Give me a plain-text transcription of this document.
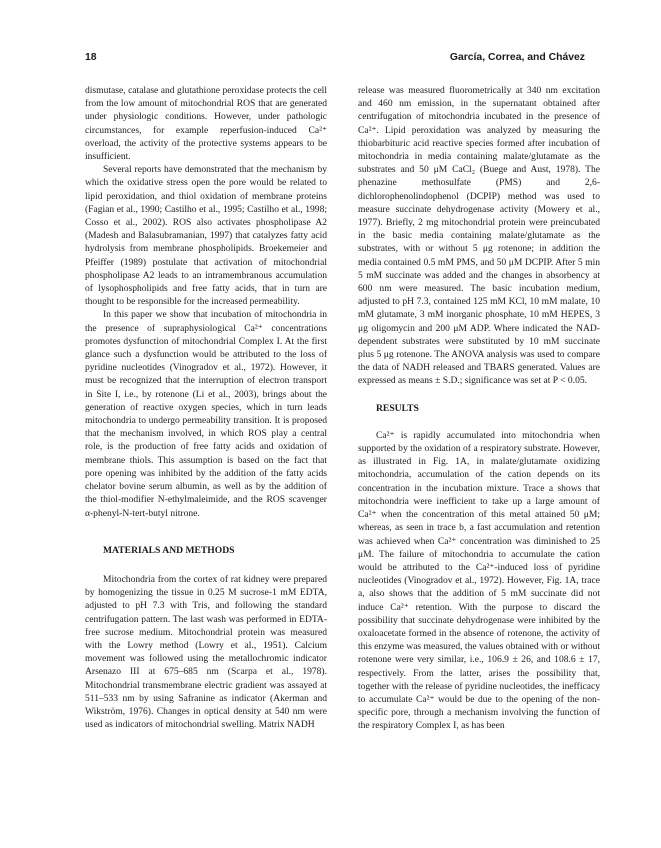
18	García, Correa, and Chávez

dismutase, catalase and glutathione peroxidase protects the cell from the low amount of mitochondrial ROS that are generated under physiologic conditions. However, under pathologic circumstances, for example reperfusion-induced Ca²⁺ overload, the activity of the protective systems appears to be insufficient.

Several reports have demonstrated that the mechanism by which the oxidative stress open the pore would be related to lipid peroxidation, and thiol oxidation of membrane proteins (Fagian et al., 1990; Castilho et al., 1995; Castilho et al., 1998; Cosso et al., 2002). ROS also activates phospholipase A2 (Madesh and Balasubramanian, 1997) that catalyzes fatty acid hydrolysis from membrane phospholipids. Broekemeier and Pfeiffer (1989) postulate that activation of mitochondrial phospholipase A2 leads to an intramembranous accumulation of lysophospholipids and free fatty acids, that in turn are thought to be responsible for the increased permeability.

In this paper we show that incubation of mitochondria in the presence of supraphysiological Ca²⁺ concentrations promotes dysfunction of mitochondrial Complex I. At the first glance such a dysfunction would be attributed to the loss of pyridine nucleotides (Vinogradov et al., 1972). However, it must be recognized that the interruption of electron transport in Site I, i.e., by rotenone (Li et al., 2003), brings about the generation of reactive oxygen species, which in turn leads mitochondria to undergo permeability transition. It is proposed that the mechanism involved, in which ROS play a central role, is the production of free fatty acids and oxidation of membrane thiols. This assumption is based on the fact that pore opening was inhibited by the addition of the fatty acids chelator bovine serum albumin, as well as by the addition of the thiol-modifier N-ethylmaleimide, and the ROS scavenger α-phenyl-N-tert-butyl nitrone.

MATERIALS AND METHODS

Mitochondria from the cortex of rat kidney were prepared by homogenizing the tissue in 0.25 M sucrose-1 mM EDTA, adjusted to pH 7.3 with Tris, and following the standard centrifugation pattern. The last wash was performed in EDTA-free sucrose medium. Mitochondrial protein was measured with the Lowry method (Lowry et al., 1951). Calcium movement was followed using the metallochromic indicator Arsenazo III at 675–685 nm (Scarpa et al., 1978). Mitochondrial transmembrane electric gradient was assayed at 511–533 nm by using Safranine as indicator (Akerman and Wikström, 1976). Changes in optical density at 540 nm were used as indicators of mitochondrial swelling. Matrix NADH

release was measured fluorometrically at 340 nm excitation and 460 nm emission, in the supernatant obtained after centrifugation of mitochondria incubated in the presence of Ca²⁺. Lipid peroxidation was analyzed by measuring the thiobarbituric acid reactive species formed after incubation of mitochondria in media containing malate/glutamate as the substrates and 50 μM CaCl₂ (Buege and Aust, 1978). The phenazine methosulfate (PMS) and 2,6-dichlorophenolindophenol (DCPIP) method was used to measure succinate dehydrogenase activity (Mowery et al., 1977). Briefly, 2 mg mitochondrial protein were preincubated in the basic media containing malate/glutamate as the substrates, with or without 5 μg rotenone; in addition the media contained 0.5 mM PMS, and 50 μM DCPIP. After 5 min 5 mM succinate was added and the changes in absorbency at 600 nm were measured. The basic incubation medium, adjusted to pH 7.3, contained 125 mM KCl, 10 mM malate, 10 mM glutamate, 3 mM inorganic phosphate, 10 mM HEPES, 3 μg oligomycin and 200 μM ADP. Where indicated the NAD-dependent substrates were substituted by 10 mM succinate plus 5 μg rotenone. The ANOVA analysis was used to compare the data of NADH released and TBARS generated. Values are expressed as means ± S.D.; significance was set at P < 0.05.

RESULTS

Ca²⁺ is rapidly accumulated into mitochondria when supported by the oxidation of a respiratory substrate. However, as illustrated in Fig. 1A, in malate/glutamate oxidizing mitochondria, accumulation of the cation depends on its concentration in the incubation mixture. Trace a shows that mitochondria were inefficient to take up a large amount of Ca²⁺ when the concentration of this metal attained 50 μM; whereas, as seen in trace b, a fast accumulation and retention was achieved when Ca²⁺ concentration was diminished to 25 μM. The failure of mitochondria to accumulate the cation would be attributed to the Ca²⁺-induced loss of pyridine nucleotides (Vinogradov et al., 1972). However, Fig. 1A, trace a, also shows that the addition of 5 mM succinate did not induce Ca²⁺ retention. With the purpose to discard the possibility that succinate dehydrogenase were inhibited by the oxaloacetate formed in the absence of rotenone, the activity of this enzyme was measured, the values obtained with or without rotenone were very similar, i.e., 106.9 ± 26, and 108.6 ± 17, respectively. From the latter, arises the possibility that, together with the release of pyridine nucleotides, the inefficacy to accumulate Ca²⁺ would be due to the opening of the non-specific pore, through a mechanism involving the function of the respiratory Complex I, as has been
